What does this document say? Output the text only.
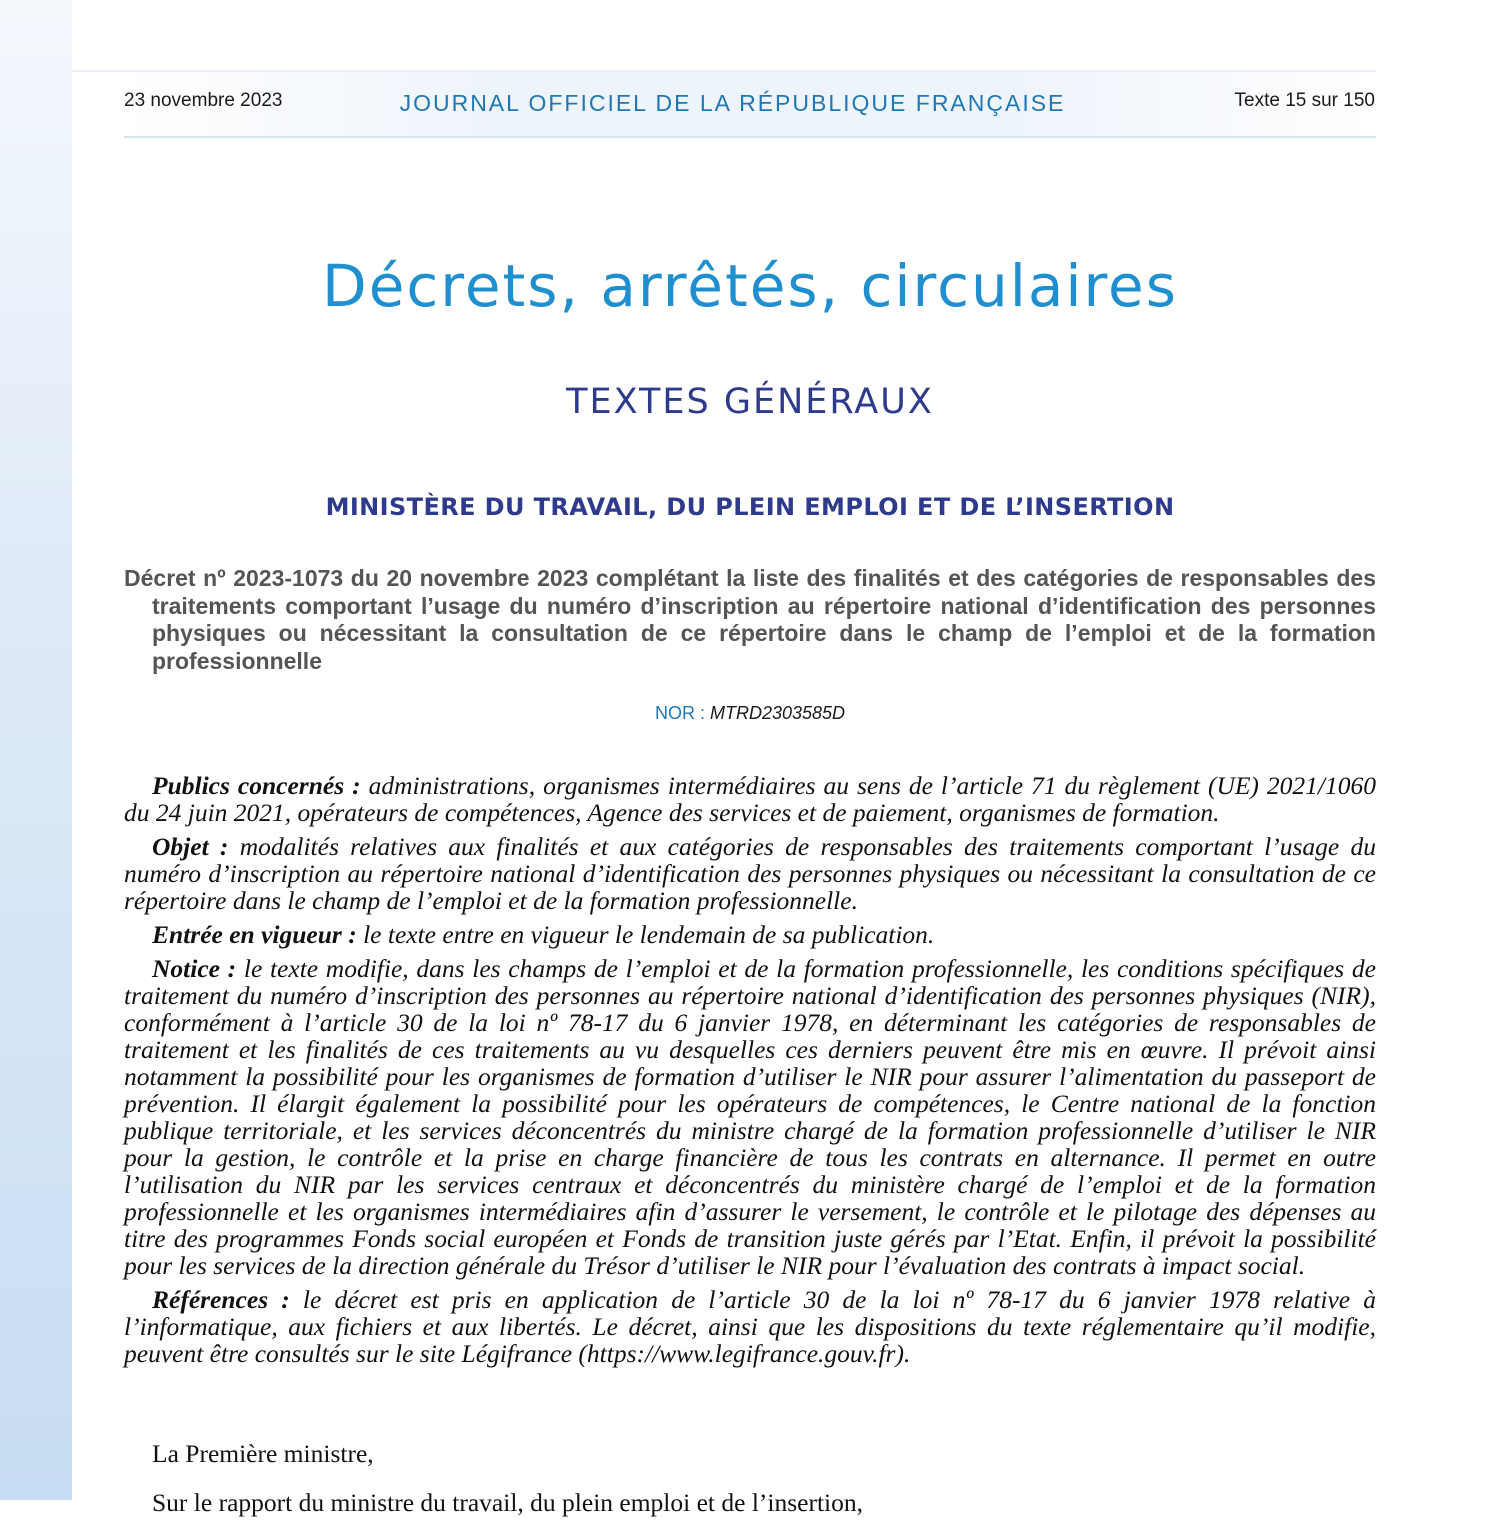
23 novembre 2023	JOURNAL OFFICIEL DE LA RÉPUBLIQUE FRANÇAISE	Texte 15 sur 150
Décrets, arrêtés, circulaires
TEXTES GÉNÉRAUX
MINISTÈRE DU TRAVAIL, DU PLEIN EMPLOI ET DE L’INSERTION
Décret nº 2023-1073 du 20 novembre 2023 complétant la liste des finalités et des catégories de responsables des traitements comportant l’usage du numéro d’inscription au répertoire national d’identification des personnes physiques ou nécessitant la consultation de ce répertoire dans le champ de l’emploi et de la formation professionnelle
NOR : MTRD2303585D

Publics concernés : administrations, organismes intermédiaires au sens de l’article 71 du règlement (UE) 2021/1060 du 24 juin 2021, opérateurs de compétences, Agence des services et de paiement, organismes de formation.

Objet : modalités relatives aux finalités et aux catégories de responsables des traitements comportant l’usage du numéro d’inscription au répertoire national d’identification des personnes physiques ou nécessitant la consultation de ce répertoire dans le champ de l’emploi et de la formation professionnelle.

Entrée en vigueur : le texte entre en vigueur le lendemain de sa publication.

Notice : le texte modifie, dans les champs de l’emploi et de la formation professionnelle, les conditions spécifiques de traitement du numéro d’inscription des personnes au répertoire national d’identification des personnes physiques (NIR), conformément à l’article 30 de la loi nº 78-17 du 6 janvier 1978, en déterminant les catégories de responsables de traitement et les finalités de ces traitements au vu desquelles ces derniers peuvent être mis en œuvre. Il prévoit ainsi notamment la possibilité pour les organismes de formation d’utiliser le NIR pour assurer l’alimentation du passeport de prévention. Il élargit également la possibilité pour les opérateurs de compétences, le Centre national de la fonction publique territoriale, et les services déconcentrés du ministre chargé de la formation professionnelle d’utiliser le NIR pour la gestion, le contrôle et la prise en charge financière de tous les contrats en alternance. Il permet en outre l’utilisation du NIR par les services centraux et déconcentrés du ministère chargé de l’emploi et de la formation professionnelle et les organismes intermédiaires afin d’assurer le versement, le contrôle et le pilotage des dépenses au titre des programmes Fonds social européen et Fonds de transition juste gérés par l’Etat. Enfin, il prévoit la possibilité pour les services de la direction générale du Trésor d’utiliser le NIR pour l’évaluation des contrats à impact social.

Références : le décret est pris en application de l’article 30 de la loi nº 78-17 du 6 janvier 1978 relative à l’informatique, aux fichiers et aux libertés. Le décret, ainsi que les dispositions du texte réglementaire qu’il modifie, peuvent être consultés sur le site Légifrance (https://www.legifrance.gouv.fr).

La Première ministre,

Sur le rapport du ministre du travail, du plein emploi et de l’insertion,
